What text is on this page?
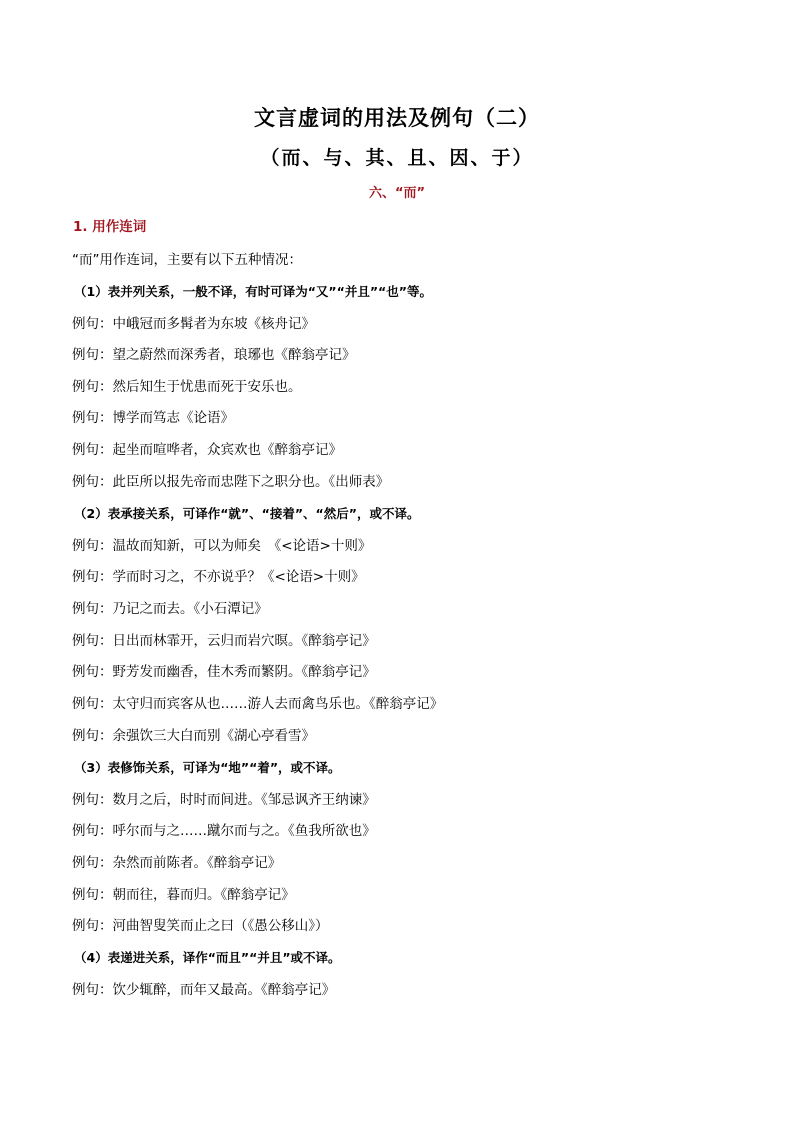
文言虚词的用法及例句（二）
（而、与、其、且、因、于）
六、“而”
1. 用作连词
“而”用作连词，主要有以下五种情况：
（1）表并列关系，一般不译，有时可译为“又”“并且”“也”等。
例句：中峨冠而多髯者为东坡《核舟记》
例句：望之蔚然而深秀者，琅琊也《醉翁亭记》
例句：然后知生于忧患而死于安乐也。
例句：博学而笃志《论语》
例句：起坐而喧哗者，众宾欢也《醉翁亭记》
例句：此臣所以报先帝而忠陛下之职分也。《出师表》
（2）表承接关系，可译作“就”、“接着”、“然后”，或不译。
例句：温故而知新，可以为师矣　《<论语>十则》
例句：学而时习之，不亦说乎？《<论语>十则》
例句：乃记之而去。《小石潭记》
例句：日出而林霏开，云归而岩穴暝。《醉翁亭记》
例句：野芳发而幽香，佳木秀而繁阴。《醉翁亭记》
例句：太守归而宾客从也……游人去而禽鸟乐也。《醉翁亭记》
例句：余强饮三大白而别《湖心亭看雪》
（3）表修饰关系，可译为“地”“着”，或不译。
例句：数月之后，时时而间进。《邹忌讽齐王纳谏》
例句：呼尔而与之……蹴尔而与之。《鱼我所欲也》
例句：杂然而前陈者。《醉翁亭记》
例句：朝而往，暮而归。《醉翁亭记》
例句：河曲智叟笑而止之曰（《愚公移山》）
（4）表递进关系，译作“而且”“并且”或不译。
例句：饮少辄醉，而年又最高。《醉翁亭记》
